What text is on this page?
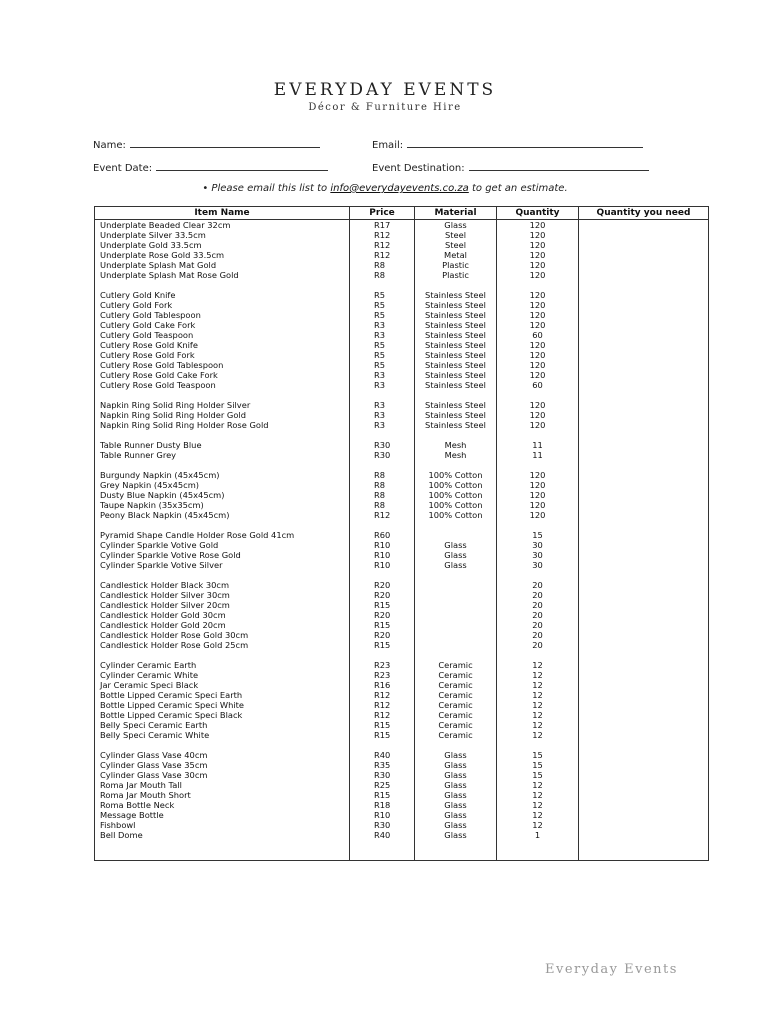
EVERYDAY EVENTS
Décor & Furniture Hire
Name:	Email:
Event Date:	Event Destination:
• Please email this list to info@everydayevents.co.za to get an estimate.
Item Name	Price	Material	Quantity	Quantity you need
Underplate Beaded Clear 32cm	R17	Glass	120	
Underplate Silver 33.5cm	R12	Steel	120	
Underplate Gold 33.5cm	R12	Steel	120	
Underplate Rose Gold 33.5cm	R12	Metal	120	
Underplate Splash Mat Gold	R8	Plastic	120	
Underplate Splash Mat Rose Gold	R8	Plastic	120	

Cutlery Gold Knife	R5	Stainless Steel	120	
Cutlery Gold Fork	R5	Stainless Steel	120	
Cutlery Gold Tablespoon	R5	Stainless Steel	120	
Cutlery Gold Cake Fork	R3	Stainless Steel	120	
Cutlery Gold Teaspoon	R3	Stainless Steel	60	
Cutlery Rose Gold Knife	R5	Stainless Steel	120	
Cutlery Rose Gold Fork	R5	Stainless Steel	120	
Cutlery Rose Gold Tablespoon	R5	Stainless Steel	120	
Cutlery Rose Gold Cake Fork	R3	Stainless Steel	120	
Cutlery Rose Gold Teaspoon	R3	Stainless Steel	60	

Napkin Ring Solid Ring Holder Silver	R3	Stainless Steel	120	
Napkin Ring Solid Ring Holder Gold	R3	Stainless Steel	120	
Napkin Ring Solid Ring Holder Rose Gold	R3	Stainless Steel	120	

Table Runner Dusty Blue	R30	Mesh	11	
Table Runner Grey	R30	Mesh	11	

Burgundy Napkin (45x45cm)	R8	100% Cotton	120	
Grey Napkin (45x45cm)	R8	100% Cotton	120	
Dusty Blue Napkin (45x45cm)	R8	100% Cotton	120	
Taupe Napkin (35x35cm)	R8	100% Cotton	120	
Peony Black Napkin (45x45cm)	R12	100% Cotton	120	

Pyramid Shape Candle Holder Rose Gold 41cm	R60		15	
Cylinder Sparkle Votive Gold	R10	Glass	30	
Cylinder Sparkle Votive Rose Gold	R10	Glass	30	
Cylinder Sparkle Votive Silver	R10	Glass	30	

Candlestick Holder Black 30cm	R20		20	
Candlestick Holder Silver 30cm	R20		20	
Candlestick Holder Silver 20cm	R15		20	
Candlestick Holder Gold 30cm	R20		20	
Candlestick Holder Gold 20cm	R15		20	
Candlestick Holder Rose Gold 30cm	R20		20	
Candlestick Holder Rose Gold 25cm	R15		20	

Cylinder Ceramic Earth	R23	Ceramic	12	
Cylinder Ceramic White	R23	Ceramic	12	
Jar Ceramic Speci Black	R16	Ceramic	12	
Bottle Lipped Ceramic Speci Earth	R12	Ceramic	12	
Bottle Lipped Ceramic Speci White	R12	Ceramic	12	
Bottle Lipped Ceramic Speci Black	R12	Ceramic	12	
Belly Speci Ceramic Earth	R15	Ceramic	12	
Belly Speci Ceramic White	R15	Ceramic	12	

Cylinder Glass Vase 40cm	R40	Glass	15	
Cylinder Glass Vase 35cm	R35	Glass	15	
Cylinder Glass Vase 30cm	R30	Glass	15	
Roma Jar Mouth Tall	R25	Glass	12	
Roma Jar Mouth Short	R15	Glass	12	
Roma Bottle Neck	R18	Glass	12	
Message Bottle	R10	Glass	12	
Fishbowl	R30	Glass	12	
Bell Dome	R40	Glass	1	

Everyday Events
